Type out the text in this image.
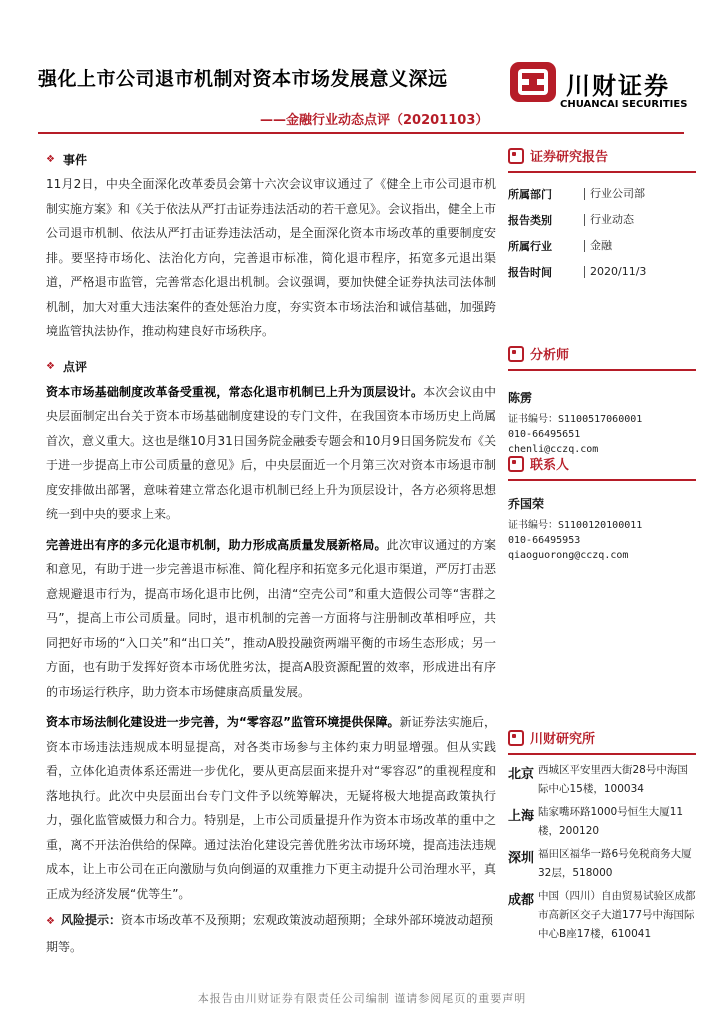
强化上市公司退市机制对资本市场发展意义深远
——金融行业动态点评（20201103）
川财证券
CHUANCAI SECURITIES
❖ 事件

11月2日，中央全面深化改革委员会第十六次会议审议通过了《健全上市公司退市机制实施方案》和《关于依法从严打击证券违法活动的若干意见》。会议指出，健全上市公司退市机制、依法从严打击证券违法活动，是全面深化资本市场改革的重要制度安排。要坚持市场化、法治化方向，完善退市标准，简化退市程序，拓宽多元退出渠道，严格退市监管，完善常态化退出机制。会议强调，要加快健全证券执法司法体制机制，加大对重大违法案件的查处惩治力度，夯实资本市场法治和诚信基础，加强跨境监管执法协作，推动构建良好市场秩序。

❖ 点评

资本市场基础制度改革备受重视，常态化退市机制已上升为顶层设计。本次会议由中央层面制定出台关于资本市场基础制度建设的专门文件，在我国资本市场历史上尚属首次，意义重大。这也是继10月31日国务院金融委专题会和10月9日国务院发布《关于进一步提高上市公司质量的意见》后，中央层面近一个月第三次对资本市场退市制度安排做出部署，意味着建立常态化退市机制已经上升为顶层设计，各方必须将思想统一到中央的要求上来。

完善进出有序的多元化退市机制，助力形成高质量发展新格局。此次审议通过的方案和意见，有助于进一步完善退市标准、简化程序和拓宽多元化退市渠道，严厉打击恶意规避退市行为，提高市场化退市比例，出清“空壳公司”和重大造假公司等“害群之马”，提高上市公司质量。同时，退市机制的完善一方面将与注册制改革相呼应，共同把好市场的“入口关”和“出口关”，推动A股投融资两端平衡的市场生态形成；另一方面，也有助于发挥好资本市场优胜劣汰，提高A股资源配置的效率，形成进出有序的市场运行秩序，助力资本市场健康高质量发展。

资本市场法制化建设进一步完善，为“零容忍”监管环境提供保障。新证券法实施后，资本市场违法违规成本明显提高，对各类市场参与主体约束力明显增强。但从实践看，立体化追责体系还需进一步优化，要从更高层面来提升对“零容忍”的重视程度和落地执行。此次中央层面出台专门文件予以统筹解决，无疑将极大地提高政策执行力，强化监管威慑力和合力。特别是，上市公司质量提升作为资本市场改革的重中之重，离不开法治供给的保障。通过法治化建设完善优胜劣汰市场环境，提高违法违规成本，让上市公司在正向激励与负向倒逼的双重推力下更主动提升公司治理水平，真正成为经济发展“优等生”。

❖ 风险提示：资本市场改革不及预期；宏观政策波动超预期；全球外部环境波动超预期等。

证券研究报告
所属部门	行业公司部
报告类别	行业动态
所属行业	金融
报告时间	2020/11/3
分析师
陈雳
证书编号：S1100517060001
010-66495651
chenli@cczq.com
联系人
乔国荣
证书编号：S1100120100011
010-66495953
qiaoguorong@cczq.com
川财研究所
北京 西城区平安里西大街28号中海国际中心15楼，100034
上海 陆家嘴环路1000号恒生大厦11楼，200120
深圳 福田区福华一路6号免税商务大厦32层，518000
成都 中国（四川）自由贸易试验区成都市高新区交子大道177号中海国际中心B座17楼，610041
本报告由川财证券有限责任公司编制 谨请参阅尾页的重要声明
